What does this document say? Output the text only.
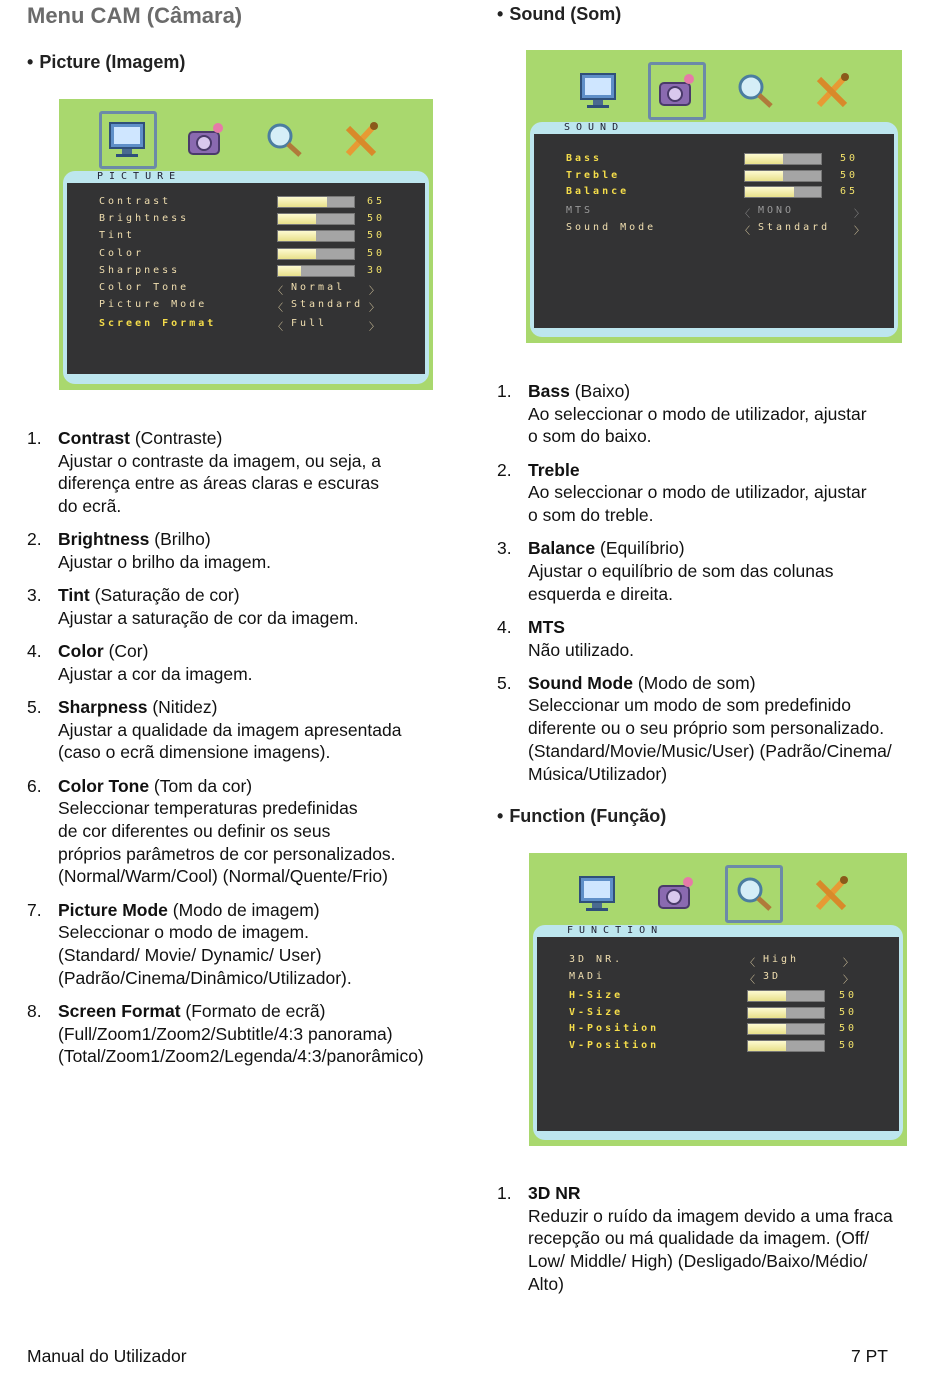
Menu CAM (Câmara)
• Picture (Imagem)
PICTURE
Contrast	65
Brightness	50
Tint	50
Color	50
Sharpness	30
Color Tone	〈 Normal 〉
Picture Mode	〈 Standard 〉
Screen Format	〈 Full	〉
1. Contrast (Contraste)
Ajustar o contraste da imagem, ou seja, a
diferença entre as áreas claras e escuras
do ecrã.
2. Brightness (Brilho)
Ajustar o brilho da imagem.
3. Tint (Saturação de cor)
Ajustar a saturação de cor da imagem.
4. Color (Cor)
Ajustar a cor da imagem.
5. Sharpness (Nitidez)
Ajustar a qualidade da imagem apresentada
(caso o ecrã dimensione imagens).
6. Color Tone (Tom da cor)
Seleccionar temperaturas predefinidas
de cor diferentes ou definir os seus
próprios parâmetros de cor personalizados.
(Normal/Warm/Cool) (Normal/Quente/Frio)
7. Picture Mode (Modo de imagem)
Seleccionar o modo de imagem.
(Standard/ Movie/ Dynamic/ User)
(Padrão/Cinema/Dinâmico/Utilizador).
8. Screen Format (Formato de ecrã)
(Full/Zoom1/Zoom2/Subtitle/4:3 panorama)
(Total/Zoom1/Zoom2/Legenda/4:3/panorâmico)
• Sound (Som)
SOUND
Bass	50
Treble	50
Balance	65
MTS	〈 MONO	〉
Sound Mode	〈 Standard 〉
1. Bass (Baixo)
Ao seleccionar o modo de utilizador, ajustar
o som do baixo.
2. Treble
Ao seleccionar o modo de utilizador, ajustar
o som do treble.
3. Balance (Equilíbrio)
Ajustar o equilíbrio de som das colunas
esquerda e direita.
4. MTS
Não utilizado.
5. Sound Mode (Modo de som)
Seleccionar um modo de som predefinido
diferente ou o seu próprio som personalizado.
(Standard/Movie/Music/User) (Padrão/Cinema/
Música/Utilizador)
• Function (Função)
FUNCTION
3D NR.	〈 High	〉
MADi	〈 3D	〉
H-Size	50
V-Size	50
H-Position	50
V-Position	50
1. 3D NR
Reduzir o ruído da imagem devido a uma fraca
recepção ou má qualidade da imagem. (Off/
Low/ Middle/ High) (Desligado/Baixo/Médio/
Alto)
Manual do Utilizador	7 PT
